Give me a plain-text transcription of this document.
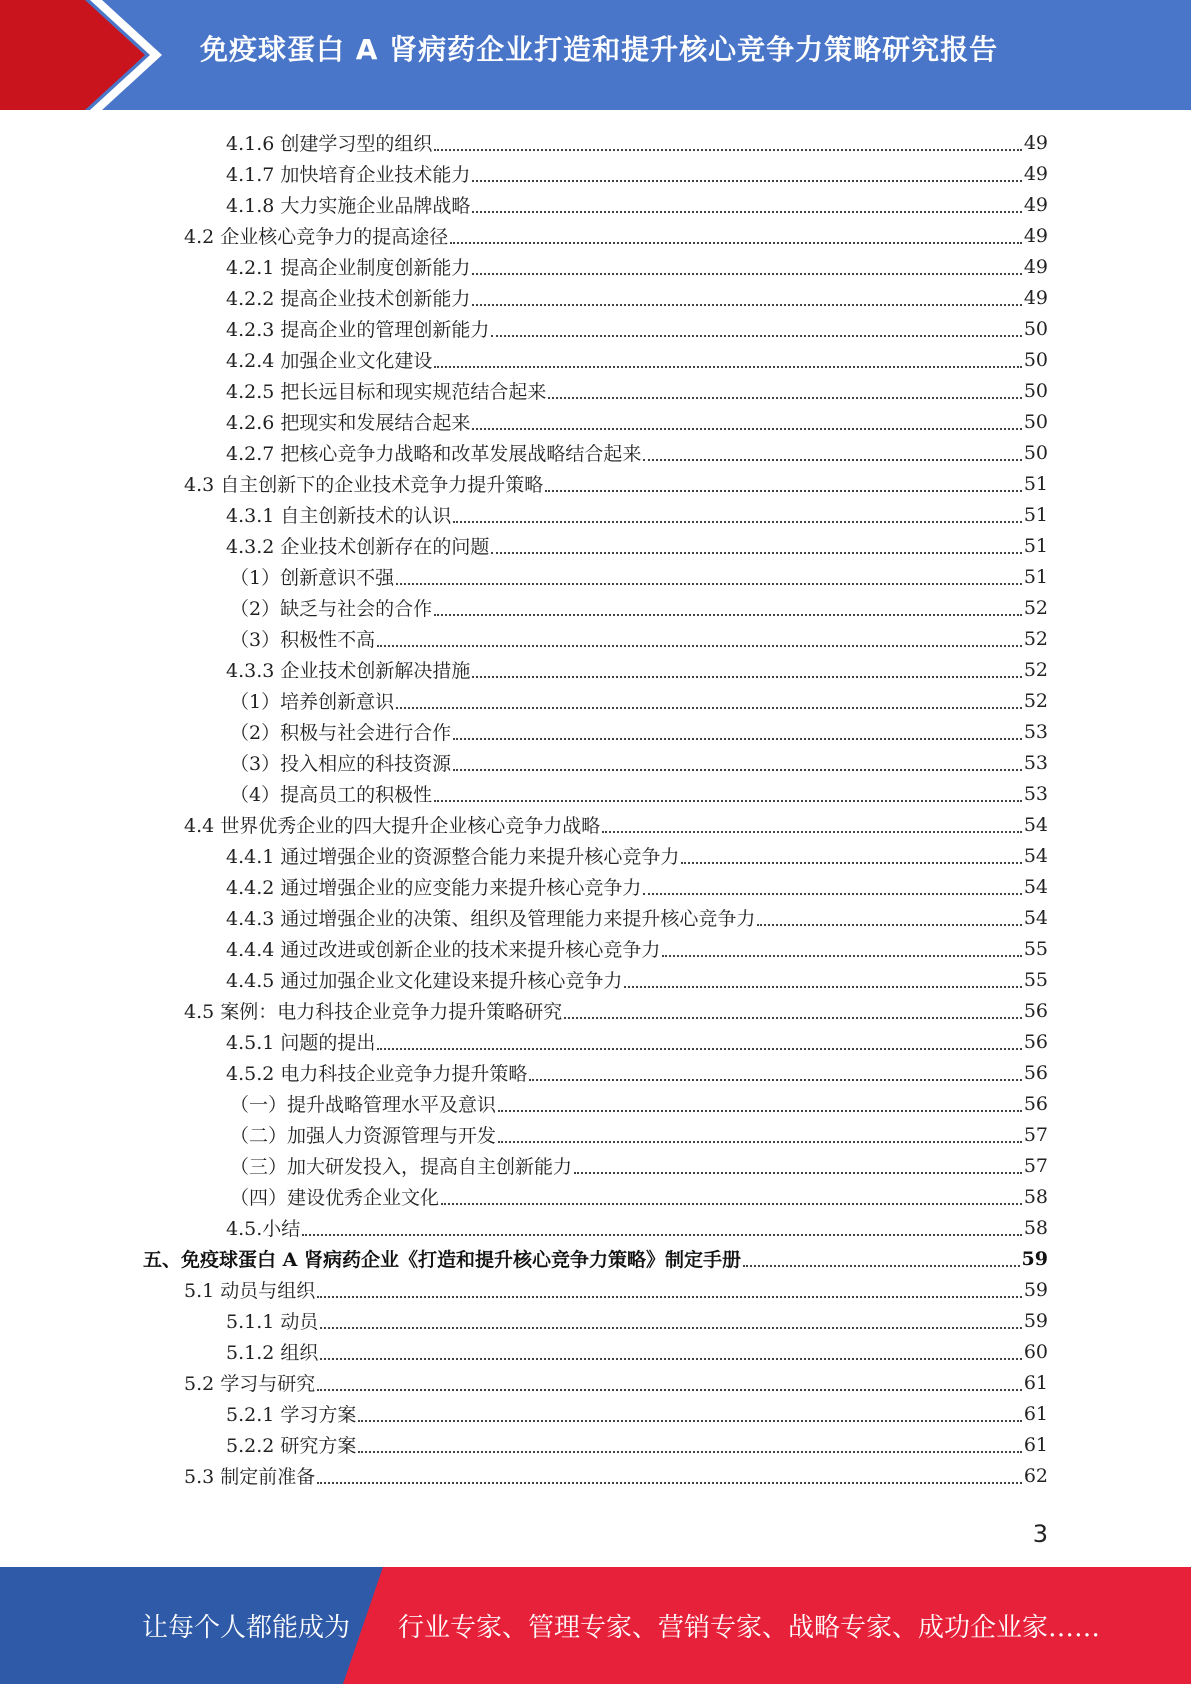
免疫球蛋白 A 肾病药企业打造和提升核心竞争力策略研究报告
4.1.6 创建学习型的组织	49
4.1.7 加快培育企业技术能力	49
4.1.8 大力实施企业品牌战略	49
4.2 企业核心竞争力的提高途径	49
4.2.1 提高企业制度创新能力	49
4.2.2 提高企业技术创新能力	49
4.2.3 提高企业的管理创新能力	50
4.2.4 加强企业文化建设	50
4.2.5 把长远目标和现实规范结合起来	50
4.2.6 把现实和发展结合起来	50
4.2.7 把核心竞争力战略和改革发展战略结合起来	50
4.3 自主创新下的企业技术竞争力提升策略	51
4.3.1 自主创新技术的认识	51
4.3.2 企业技术创新存在的问题	51
（1）创新意识不强	51
（2）缺乏与社会的合作	52
（3）积极性不高	52
4.3.3 企业技术创新解决措施	52
（1）培养创新意识	52
（2）积极与社会进行合作	53
（3）投入相应的科技资源	53
（4）提高员工的积极性	53
4.4 世界优秀企业的四大提升企业核心竞争力战略	54
4.4.1 通过增强企业的资源整合能力来提升核心竞争力	54
4.4.2 通过增强企业的应变能力来提升核心竞争力	54
4.4.3 通过增强企业的决策、组织及管理能力来提升核心竞争力	54
4.4.4 通过改进或创新企业的技术来提升核心竞争力	55
4.4.5 通过加强企业文化建设来提升核心竞争力	55
4.5 案例：电力科技企业竞争力提升策略研究	56
4.5.1 问题的提出	56
4.5.2 电力科技企业竞争力提升策略	56
（一）提升战略管理水平及意识	56
（二）加强人力资源管理与开发	57
（三）加大研发投入，提高自主创新能力	57
（四）建设优秀企业文化	58
4.5.小结	58
五、免疫球蛋白 A 肾病药企业《打造和提升核心竞争力策略》制定手册	59
5.1 动员与组织	59
5.1.1 动员	59
5.1.2 组织	60
5.2 学习与研究	61
5.2.1 学习方案	61
5.2.2 研究方案	61
5.3 制定前准备	62
3
让每个人都能成为 行业专家、管理专家、营销专家、战略专家、成功企业家……
